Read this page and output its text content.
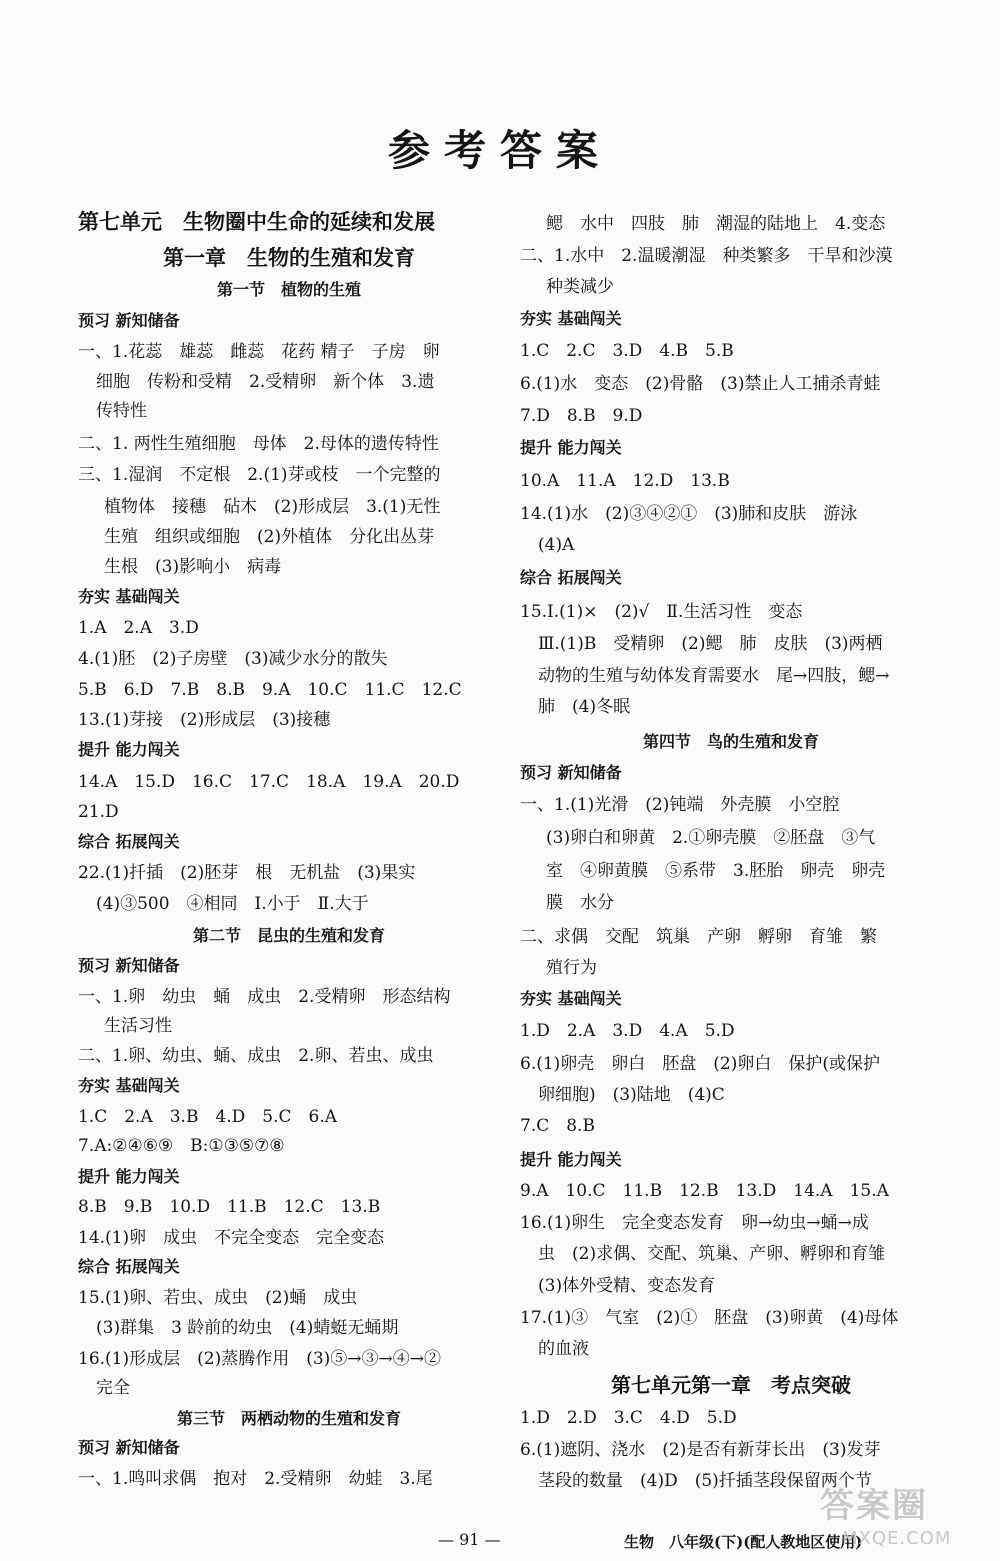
参考答案
第七单元　生物圈中生命的延续和发展
第一章　生物的生殖和发育
第一节　植物的生殖
预习 新知储备
一、1.花蕊　雄蕊　雌蕊　花药 精子　子房　卵
细胞　传粉和受精　2.受精卵　新个体　3.遗
传特性
二、1. 两性生殖细胞　母体　2.母体的遗传特性
三、1.湿润　不定根　2.(1)芽或枝　一个完整的
植物体　接穗　砧木　(2)形成层　3.(1)无性
生殖　组织或细胞　(2)外植体　分化出丛芽
生根　(3)影响小　病毒
夯实 基础闯关
1.A　2.A　3.D
4.(1)胚　(2)子房壁　(3)减少水分的散失
5.B　6.D　7.B　8.B　9.A　10.C　11.C　12.C
13.(1)芽接　(2)形成层　(3)接穗
提升 能力闯关
14.A　15.D　16.C　17.C　18.A　19.A　20.D
21.D
综合 拓展闯关
22.(1)扦插　(2)胚芽　根　无机盐　(3)果实
(4)③500　④相同　Ⅰ.小于　Ⅱ.大于
第二节　昆虫的生殖和发育
预习 新知储备
一、1.卵　幼虫　蛹　成虫　2.受精卵　形态结构
生活习性
二、1.卵、幼虫、蛹、成虫　2.卵、若虫、成虫
夯实 基础闯关
1.C　2.A　3.B　4.D　5.C　6.A
7.A:②④⑥⑨　B:①③⑤⑦⑧
提升 能力闯关
8.B　9.B　10.D　11.B　12.C　13.B
14.(1)卵　成虫　不完全变态　完全变态
综合 拓展闯关
15.(1)卵、若虫、成虫　(2)蛹　成虫
(3)群集　3 龄前的幼虫　(4)蜻蜓无蛹期
16.(1)形成层　(2)蒸腾作用　(3)⑤→③→④→②
完全
第三节　两栖动物的生殖和发育
预习 新知储备
一、1.鸣叫求偶　抱对　2.受精卵　幼蛙　3.尾
鳃　水中　四肢　肺　潮湿的陆地上　4.变态
二、1.水中　2.温暖潮湿　种类繁多　干旱和沙漠
种类减少
夯实 基础闯关
1.C　2.C　3.D　4.B　5.B
6.(1)水　变态　(2)骨骼　(3)禁止人工捕杀青蛙
7.D　8.B　9.D
提升 能力闯关
10.A　11.A　12.D　13.B
14.(1)水　(2)③④②①　(3)肺和皮肤　游泳
(4)A
综合 拓展闯关
15.Ⅰ.(1)×　(2)√　Ⅱ.生活习性　变态
Ⅲ.(1)B　受精卵　(2)鳃　肺　皮肤　(3)两栖
动物的生殖与幼体发育需要水　尾→四肢，鳃→
肺　(4)冬眠
第四节　鸟的生殖和发育
预习 新知储备
一、1.(1)光滑　(2)钝端　外壳膜　小空腔
(3)卵白和卵黄　2.①卵壳膜　②胚盘　③气
室　④卵黄膜　⑤系带　3.胚胎　卵壳　卵壳
膜　水分
二、求偶　交配　筑巢　产卵　孵卵　育雏　繁
殖行为
夯实 基础闯关
1.D　2.A　3.D　4.A　5.D
6.(1)卵壳　卵白　胚盘　(2)卵白　保护(或保护
卵细胞)　(3)陆地　(4)C
7.C　8.B
提升 能力闯关
9.A　10.C　11.B　12.B　13.D　14.A　15.A
16.(1)卵生　完全变态发育　卵→幼虫→蛹→成
虫　(2)求偶、交配、筑巢、产卵、孵卵和育雏
(3)体外受精、变态发育
17.(1)③　气室　(2)①　胚盘　(3)卵黄　(4)母体
的血液
第七单元第一章　考点突破
1.D　2.D　3.C　4.D　5.D
6.(1)遮阴、浇水　(2)是否有新芽长出　(3)发芽
茎段的数量　(4)D　(5)扦插茎段保留两个节
— 91 —	生物　八年级(下)(配人教地区使用)
答案圈
MXQE.COM
